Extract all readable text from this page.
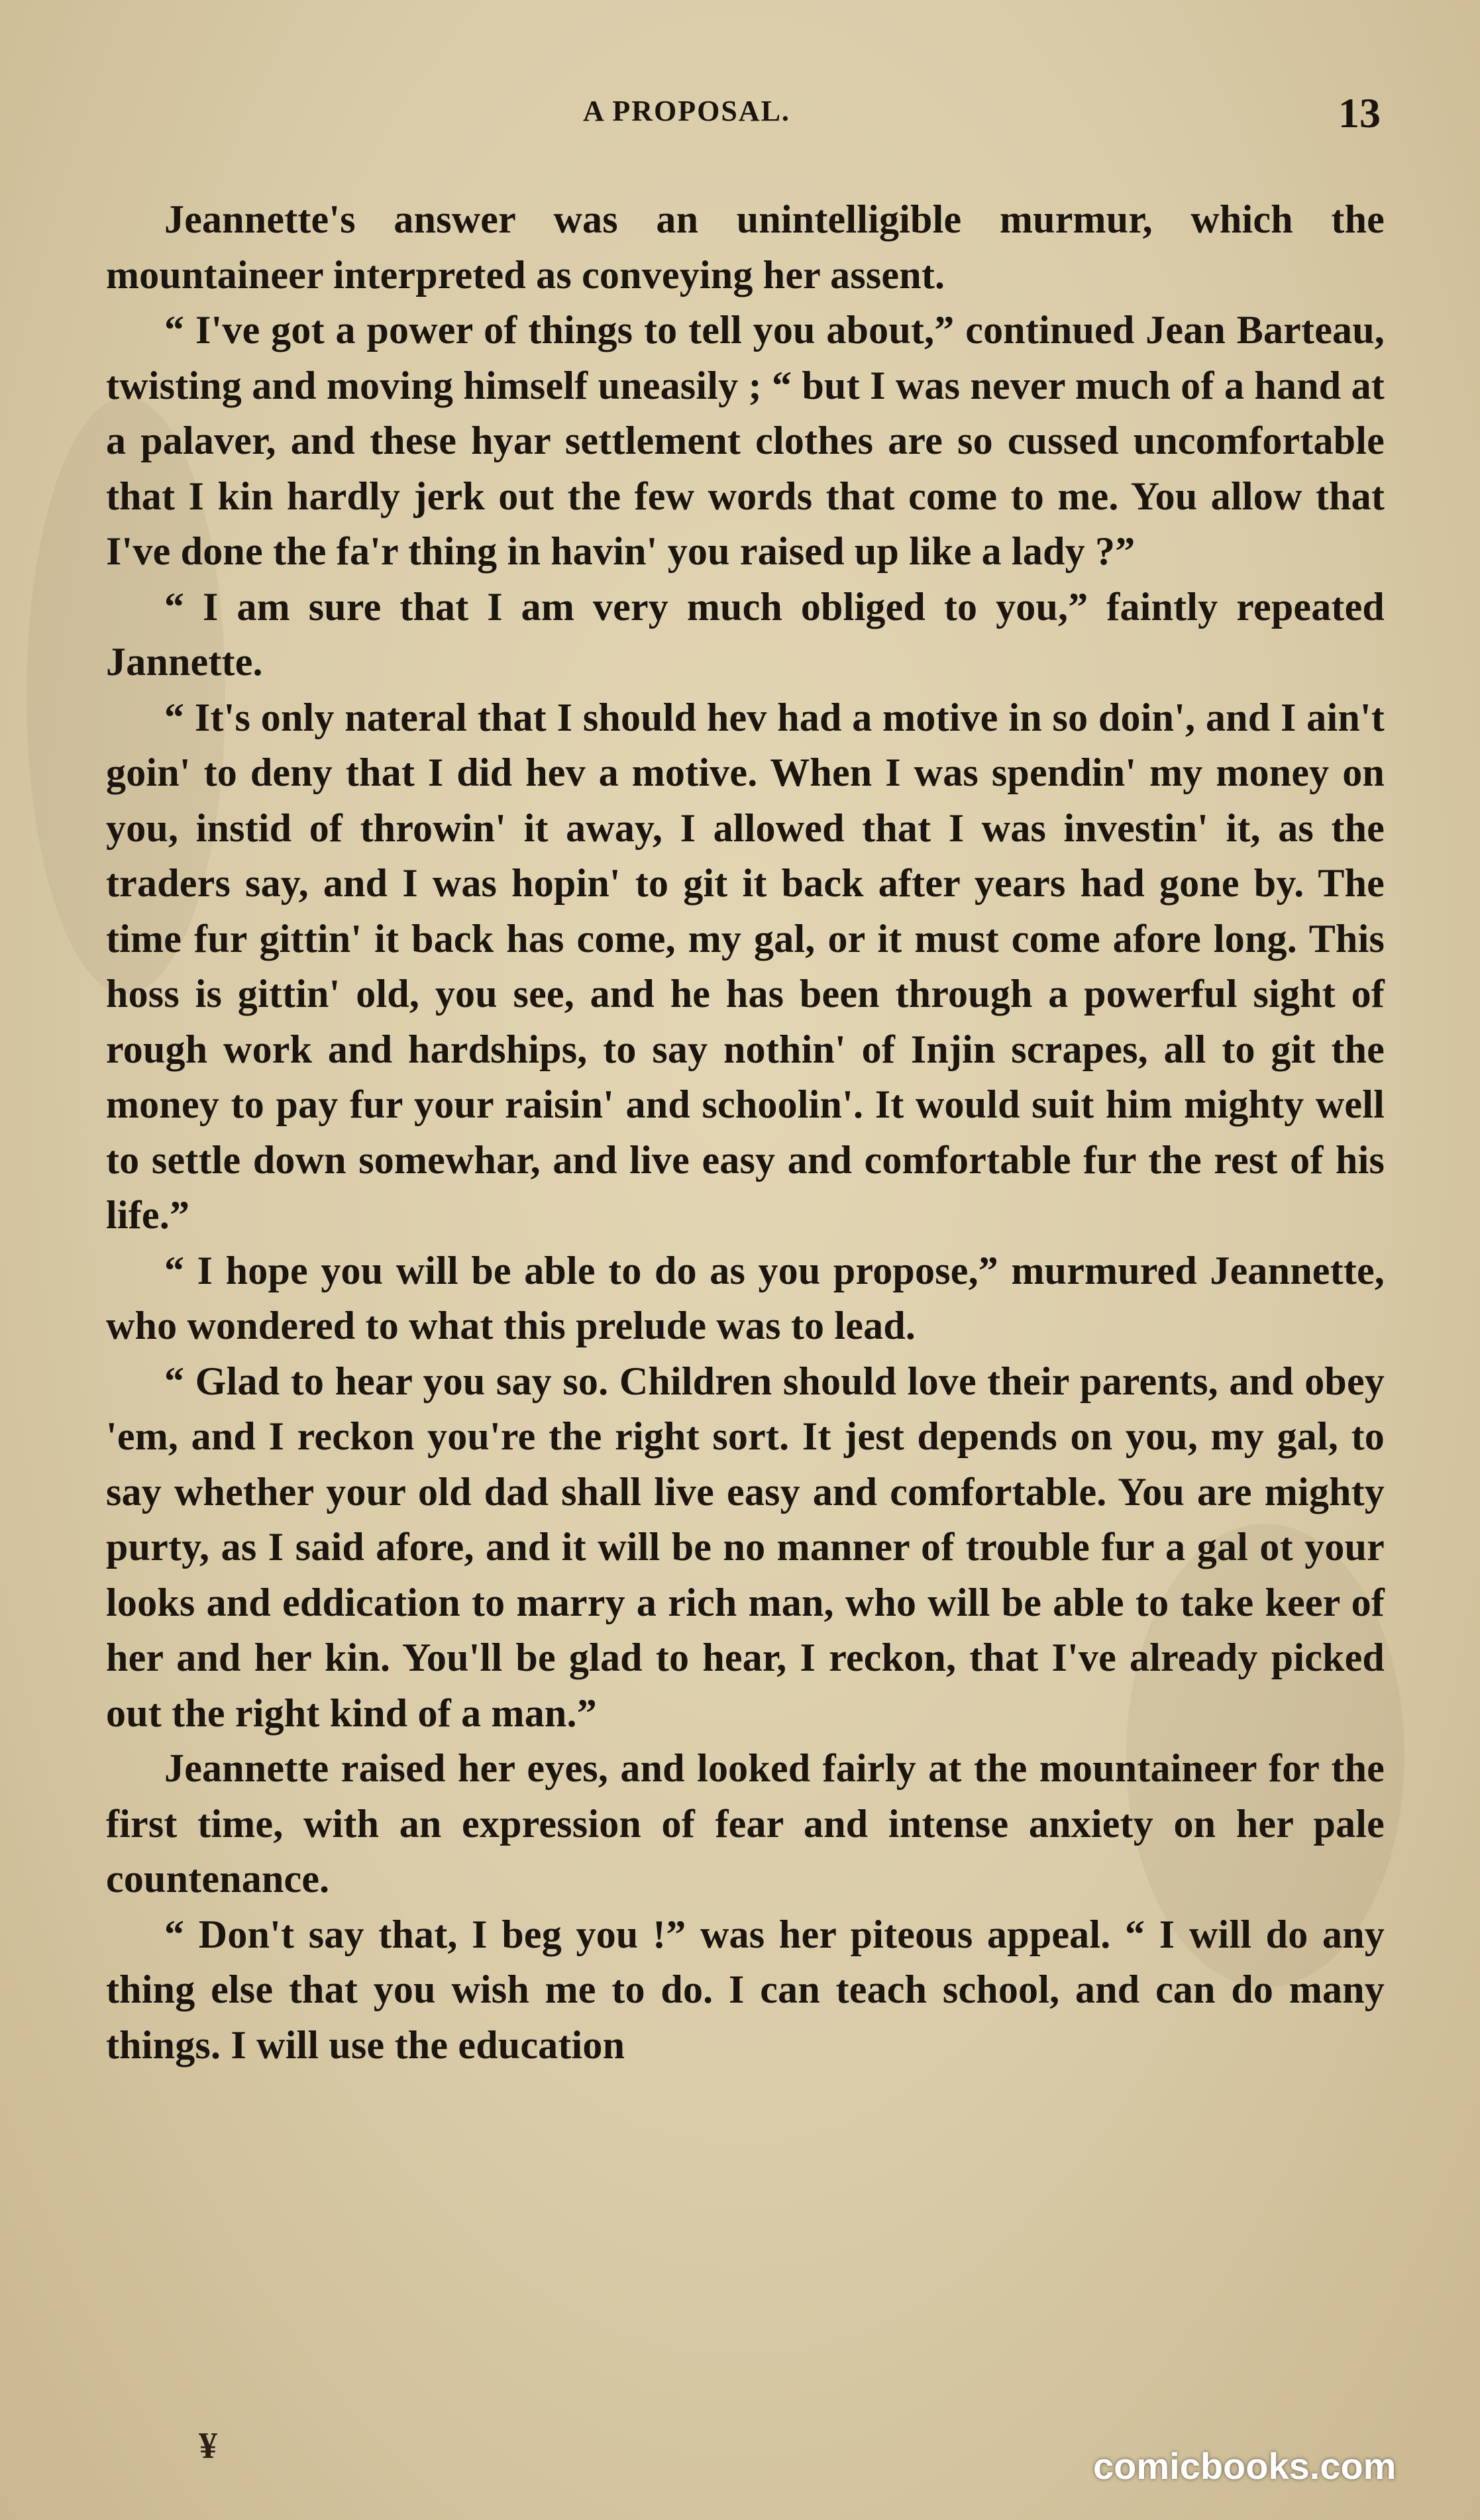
A PROPOSAL.	13

Jeannette's answer was an unintelligible murmur, which the mountaineer interpreted as conveying her assent.

“ I've got a power of things to tell you about,” continued Jean Barteau, twisting and moving himself uneasily ; “ but I was never much of a hand at a palaver, and these hyar settlement clothes are so cussed uncomfortable that I kin hardly jerk out the few words that come to me. You allow that I've done the fa'r thing in havin' you raised up like a lady ?”

“ I am sure that I am very much obliged to you,” faintly repeated Jannette.

“ It's only nateral that I should hev had a motive in so doin', and I ain't goin' to deny that I did hev a motive. When I was spendin' my money on you, instid of throwin' it away, I allowed that I was investin' it, as the traders say, and I was hopin' to git it back after years had gone by. The time fur gittin' it back has come, my gal, or it must come afore long. This hoss is gittin' old, you see, and he has been through a powerful sight of rough work and hardships, to say nothin' of Injin scrapes, all to git the money to pay fur your raisin' and schoolin'. It would suit him mighty well to settle down somewhar, and live easy and comfortable fur the rest of his life.”

“ I hope you will be able to do as you propose,” murmured Jeannette, who wondered to what this prelude was to lead.

“ Glad to hear you say so. Children should love their parents, and obey 'em, and I reckon you're the right sort. It jest depends on you, my gal, to say whether your old dad shall live easy and comfortable. You are mighty purty, as I said afore, and it will be no manner of trouble fur a gal ot your looks and eddication to marry a rich man, who will be able to take keer of her and her kin. You'll be glad to hear, I reckon, that I've already picked out the right kind of a man.”

Jeannette raised her eyes, and looked fairly at the mountaineer for the first time, with an expression of fear and intense anxiety on her pale countenance.

“ Don't say that, I beg you !” was her piteous appeal. “ I will do any thing else that you wish me to do. I can teach school, and can do many things. I will use the education

¥	comicbooks.com
